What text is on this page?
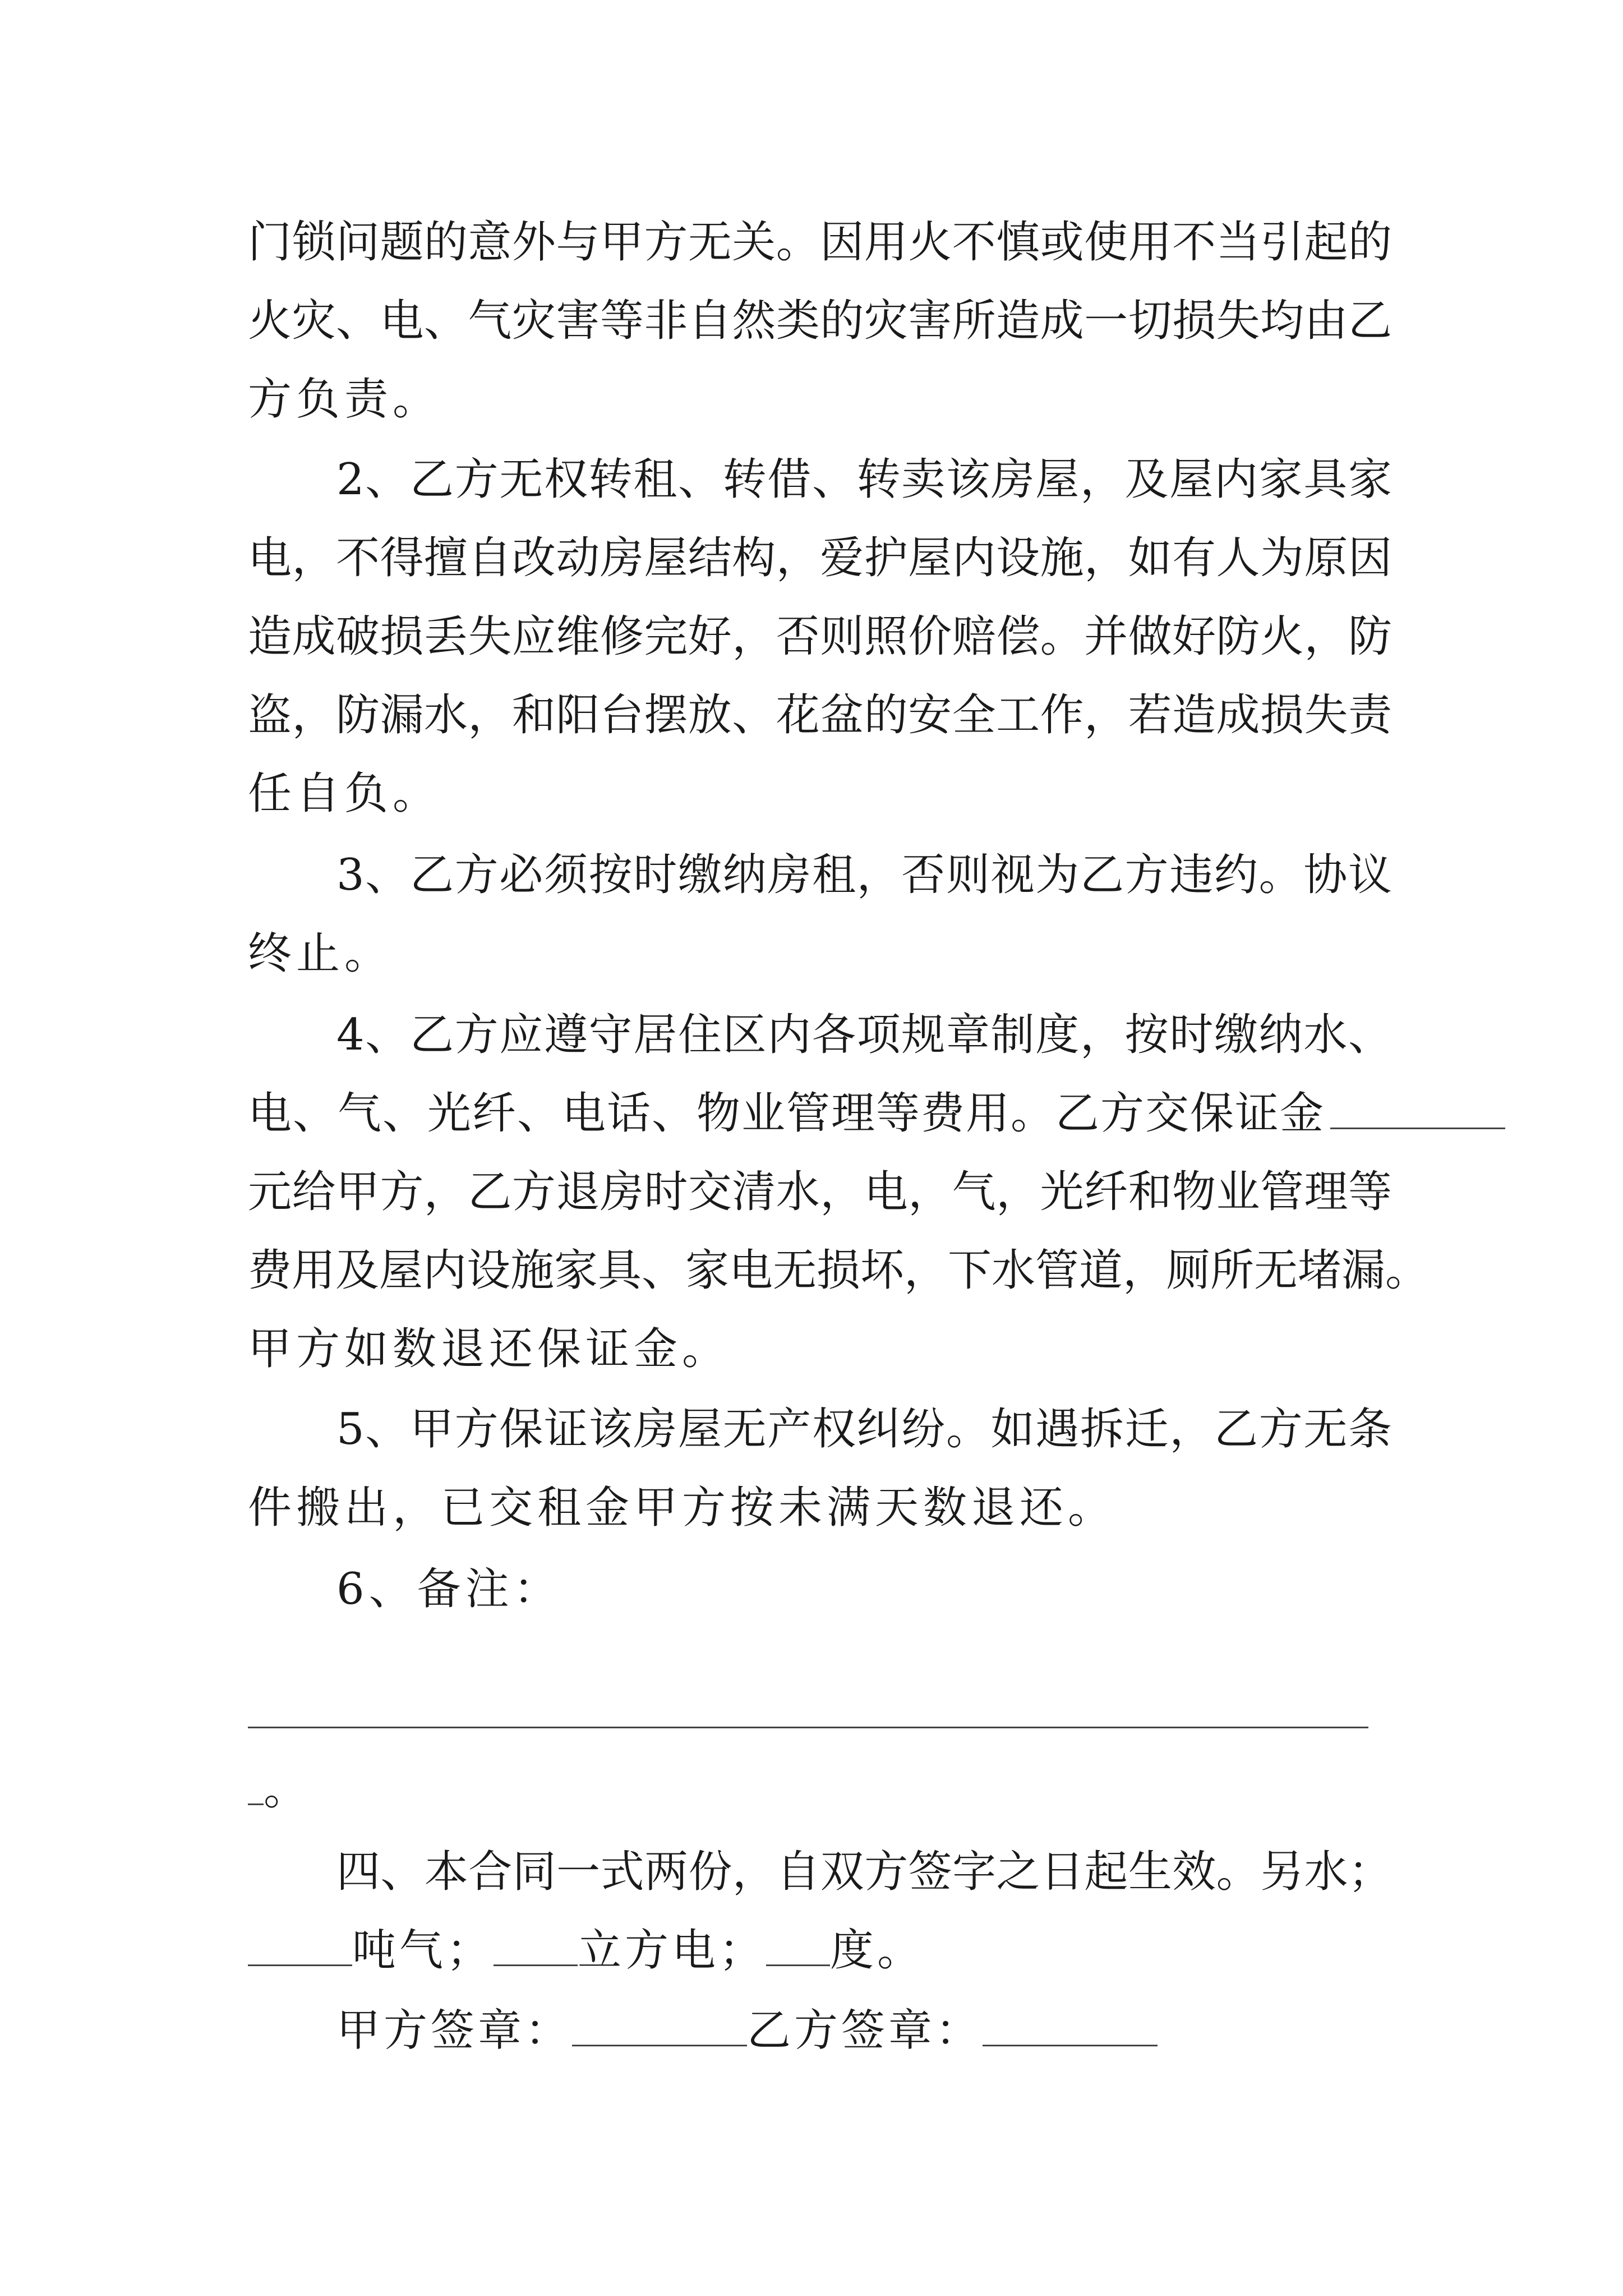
门锁问题的意外与甲方无关。因用火不慎或使用不当引起的
火灾、电、气灾害等非自然类的灾害所造成一切损失均由乙
方负责。
2、乙方无权转租、转借、转卖该房屋，及屋内家具家
电，不得擅自改动房屋结构，爱护屋内设施，如有人为原因
造成破损丢失应维修完好，否则照价赔偿。并做好防火，防
盗，防漏水，和阳台摆放、花盆的安全工作，若造成损失责
任自负。
3、乙方必须按时缴纳房租，否则视为乙方违约。协议
终止。
4、乙方应遵守居住区内各项规章制度，按时缴纳水、
电、气、光纤、电话、物业管理等费用。乙方交保证金
元给甲方，乙方退房时交清水，电，气，光纤和物业管理等
费用及屋内设施家具、家电无损坏，下水管道，厕所无堵漏。
甲方如数退还保证金。
5、甲方保证该房屋无产权纠纷。如遇拆迁，乙方无条
件搬出，已交租金甲方按未满天数退还。
6、备注：
。
四、本合同一式两份，自双方签字之日起生效。另水；
吨气； 立方电； 度。
甲方签章：	乙方签章：
